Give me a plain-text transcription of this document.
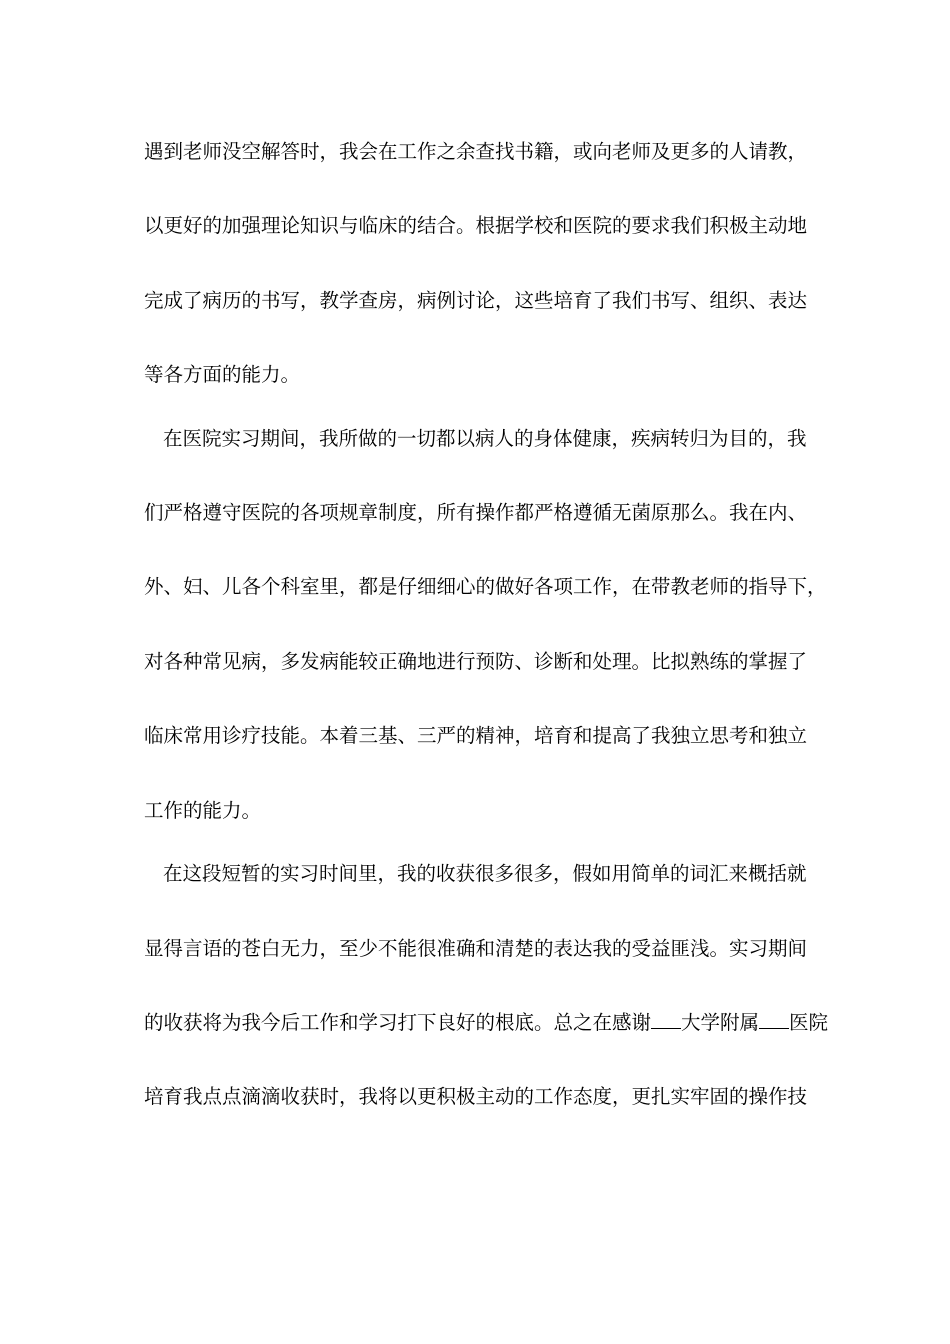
遇到老师没空解答时，我会在工作之余查找书籍，或向老师及更多的人请教，
以更好的加强理论知识与临床的结合。根据学校和医院的要求我们积极主动地
完成了病历的书写，教学查房，病例讨论，这些培育了我们书写、组织、表达
等各方面的能力。
在医院实习期间，我所做的一切都以病人的身体健康，疾病转归为目的，我
们严格遵守医院的各项规章制度，所有操作都严格遵循无菌原那么。我在内、
外、妇、儿各个科室里，都是仔细细心的做好各项工作，在带教老师的指导下，
对各种常见病，多发病能较正确地进行预防、诊断和处理。比拟熟练的掌握了
临床常用诊疗技能。本着三基、三严的精神，培育和提高了我独立思考和独立
工作的能力。
在这段短暂的实习时间里，我的收获很多很多，假如用简单的词汇来概括就
显得言语的苍白无力，至少不能很准确和清楚的表达我的受益匪浅。实习期间
的收获将为我今后工作和学习打下良好的根底。总之在感谢 大学附属 医院
培育我点点滴滴收获时，我将以更积极主动的工作态度，更扎实牢固的操作技
